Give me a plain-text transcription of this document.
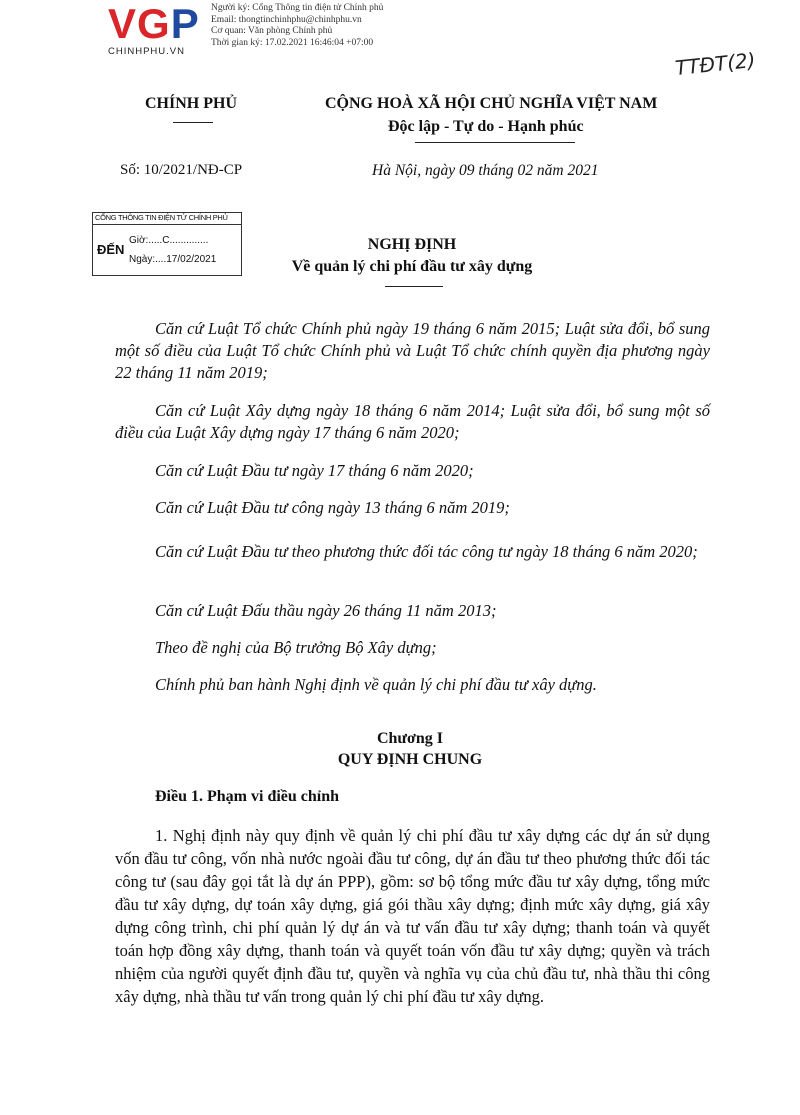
VGP
CHINHPHU.VN
Người ký: Cổng Thông tin điện tử Chính phủ
Email: thongtinchinhphu@chinhphu.vn
Cơ quan: Văn phòng Chính phủ
Thời gian ký: 17.02.2021 16:46:04 +07:00
TTĐT(2)
CHÍNH PHỦ	CỘNG HOÀ XÃ HỘI CHỦ NGHĨA VIỆT NAM
Độc lập - Tự do - Hạnh phúc
Số: 10/2021/NĐ-CP	Hà Nội, ngày 09 tháng 02 năm 2021
CỔNG THÔNG TIN ĐIỆN TỬ CHÍNH PHỦ
ĐẾN
Giờ:.....C..............
Ngày:....17/02/2021
NGHỊ ĐỊNH
Về quản lý chi phí đầu tư xây dựng

Căn cứ Luật Tổ chức Chính phủ ngày 19 tháng 6 năm 2015; Luật sửa đổi, bổ sung một số điều của Luật Tổ chức Chính phủ và Luật Tổ chức chính quyền địa phương ngày 22 tháng 11 năm 2019;

Căn cứ Luật Xây dựng ngày 18 tháng 6 năm 2014; Luật sửa đổi, bổ sung một số điều của Luật Xây dựng ngày 17 tháng 6 năm 2020;

Căn cứ Luật Đầu tư ngày 17 tháng 6 năm 2020;

Căn cứ Luật Đầu tư công ngày 13 tháng 6 năm 2019;

Căn cứ Luật Đầu tư theo phương thức đối tác công tư ngày 18 tháng 6 năm 2020;

Căn cứ Luật Đấu thầu ngày 26 tháng 11 năm 2013;

Theo đề nghị của Bộ trưởng Bộ Xây dựng;

Chính phủ ban hành Nghị định về quản lý chi phí đầu tư xây dựng.

Chương I
QUY ĐỊNH CHUNG
Điều 1. Phạm vi điều chỉnh

1. Nghị định này quy định về quản lý chi phí đầu tư xây dựng các dự án sử dụng vốn đầu tư công, vốn nhà nước ngoài đầu tư công, dự án đầu tư theo phương thức đối tác công tư (sau đây gọi tắt là dự án PPP), gồm: sơ bộ tổng mức đầu tư xây dựng, tổng mức đầu tư xây dựng, dự toán xây dựng, giá gói thầu xây dựng; định mức xây dựng, giá xây dựng công trình, chi phí quản lý dự án và tư vấn đầu tư xây dựng; thanh toán và quyết toán hợp đồng xây dựng, thanh toán và quyết toán vốn đầu tư xây dựng; quyền và trách nhiệm của người quyết định đầu tư, quyền và nghĩa vụ của chủ đầu tư, nhà thầu thi công xây dựng, nhà thầu tư vấn trong quản lý chi phí đầu tư xây dựng.
